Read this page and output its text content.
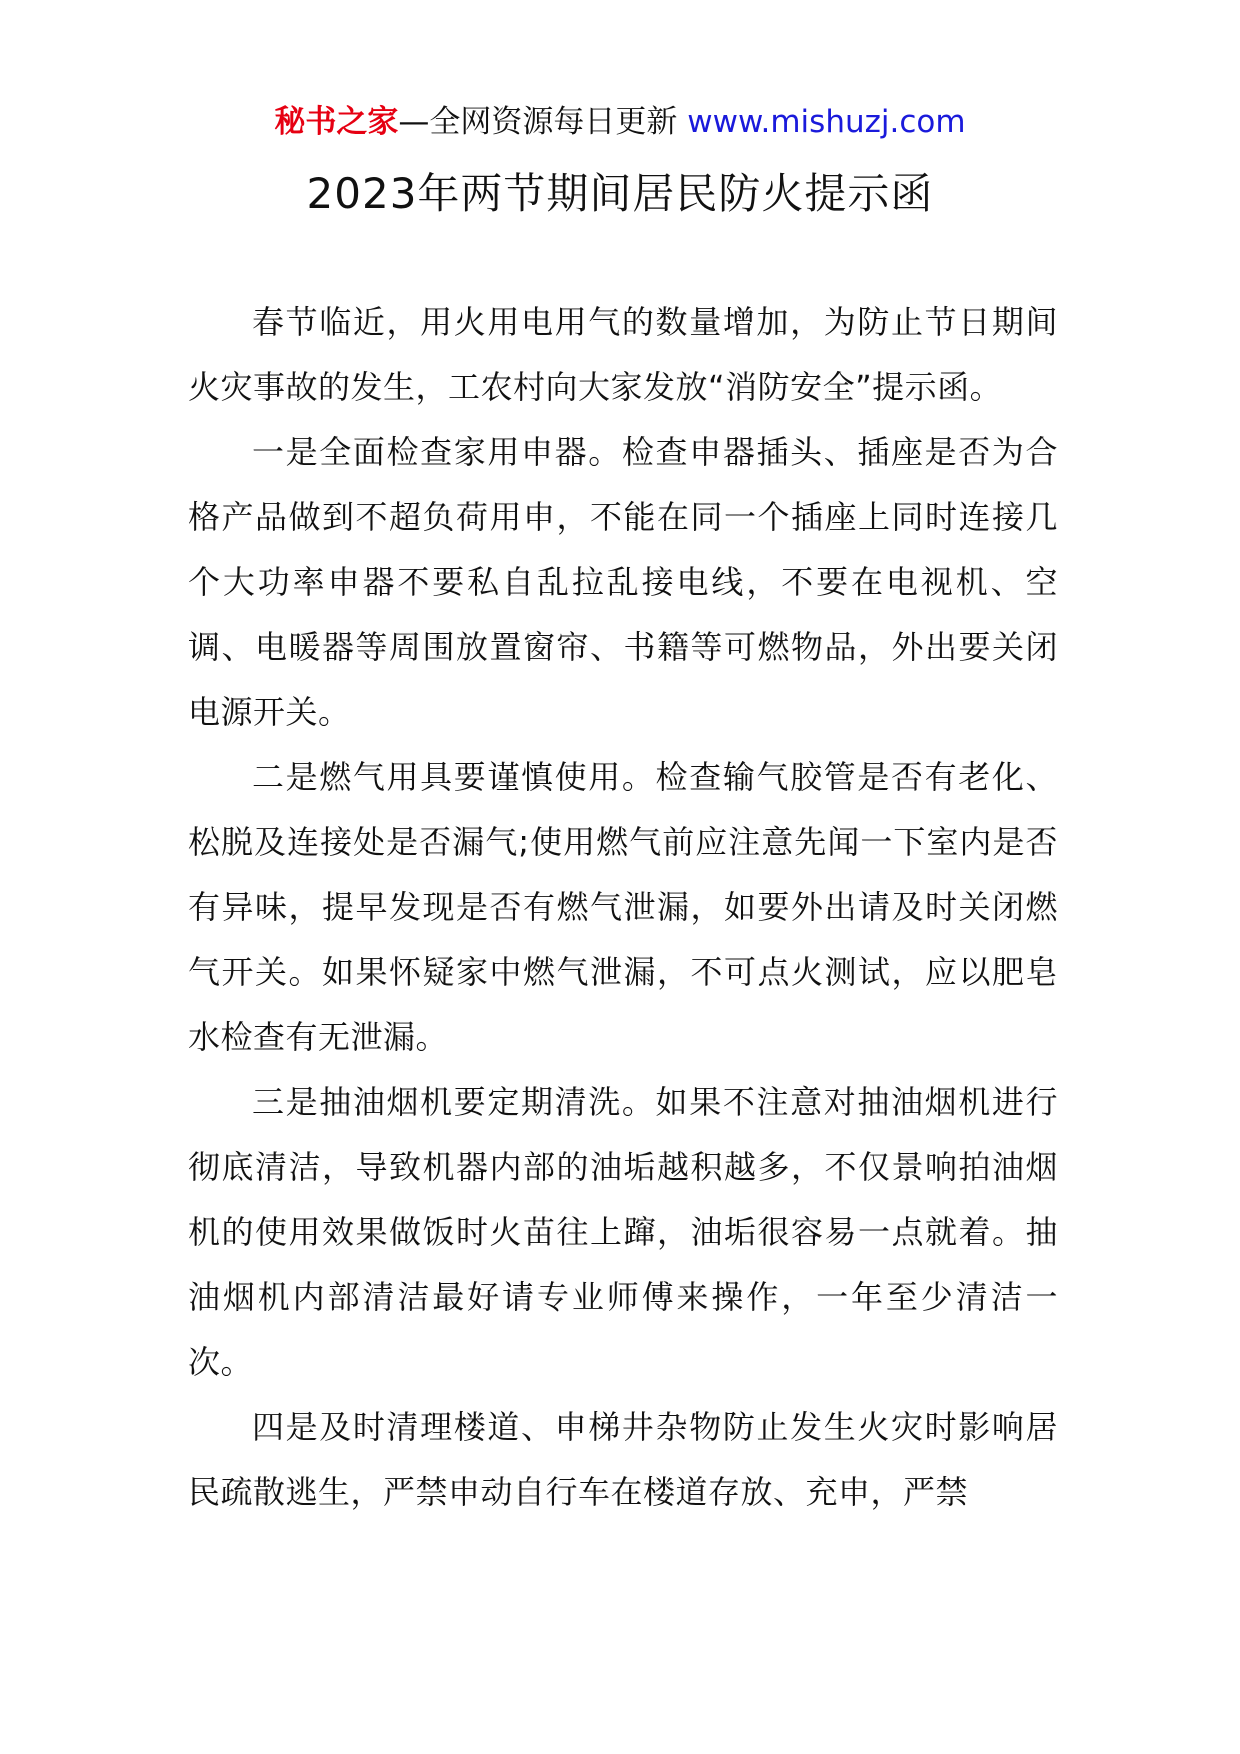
秘书之家—全网资源每日更新 www.mishuzj.com
2023年两节期间居民防火提示函

春节临近，用火用电用气的数量增加，为防止节日期间火灾事故的发生，工农村向大家发放“消防安全”提示函。

一是全面检查家用申器。检查申器插头、插座是否为合格产品做到不超负荷用申，不能在同一个插座上同时连接几个大功率申器不要私自乱拉乱接电线，不要在电视机、空调、电暖器等周围放置窗帘、书籍等可燃物品，外出要关闭电源开关。

二是燃气用具要谨慎使用。检查输气胶管是否有老化、松脱及连接处是否漏气;使用燃气前应注意先闻一下室内是否有异味，提早发现是否有燃气泄漏，如要外出请及时关闭燃气开关。如果怀疑家中燃气泄漏，不可点火测试，应以肥皂水检查有无泄漏。

三是抽油烟机要定期清洗。如果不注意对抽油烟机进行彻底清洁，导致机器内部的油垢越积越多，不仅景响拍油烟机的使用效果做饭时火苗往上蹿，油垢很容易一点就着。抽油烟机内部清洁最好请专业师傅来操作，一年至少清洁一次。

四是及时清理楼道、申梯井杂物防止发生火灾时影响居民疏散逃生，严禁申动自行车在楼道存放、充申，严禁
